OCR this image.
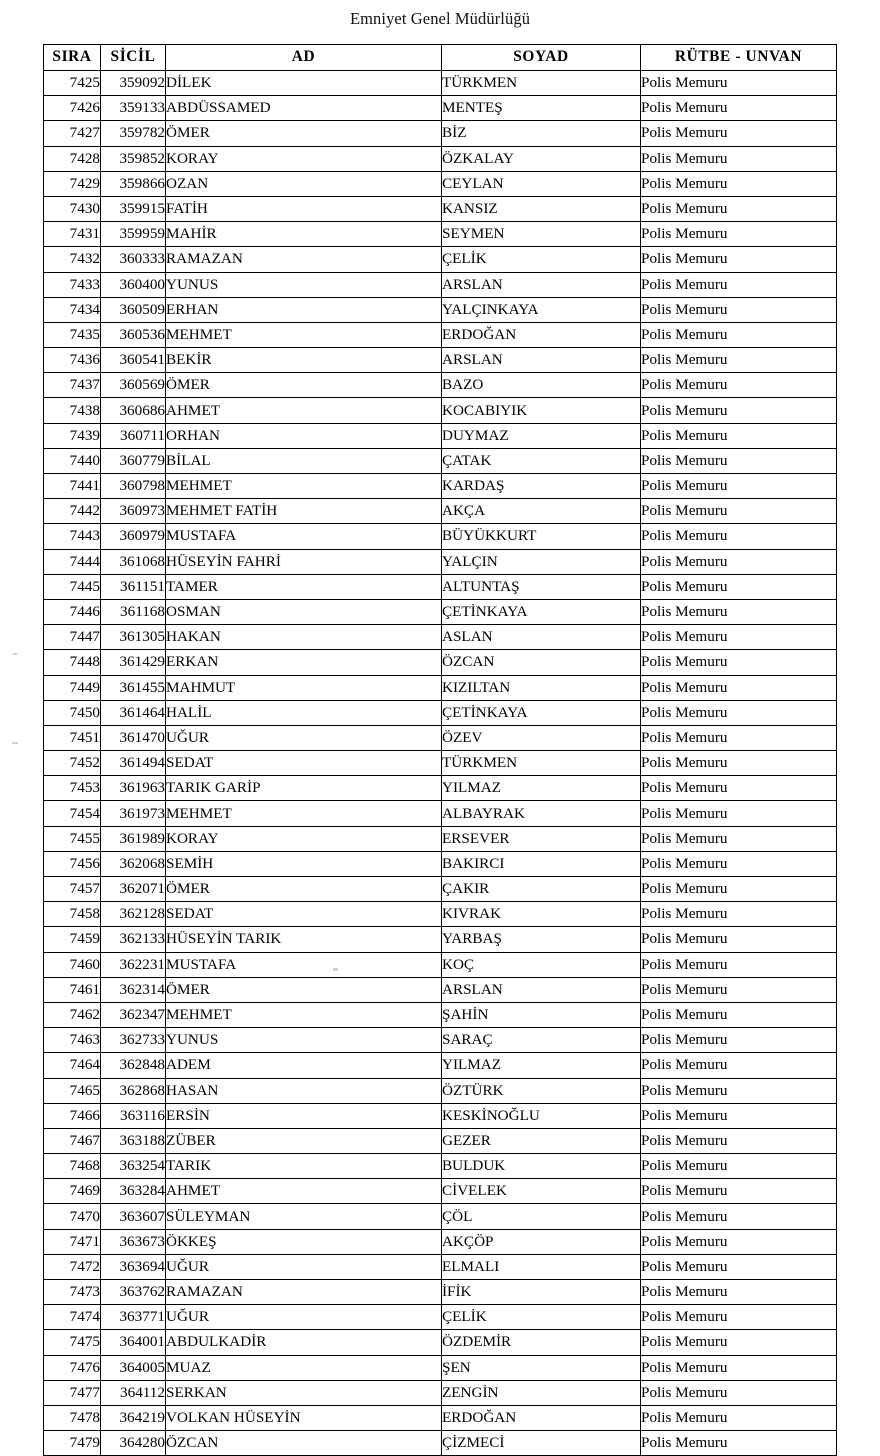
Emniyet Genel Müdürlüğü
SIRA	SİCİL	AD	SOYAD	RÜTBE - UNVAN
7425	359092	DİLEK	TÜRKMEN	Polis Memuru
7426	359133	ABDÜSSAMED	MENTEŞ	Polis Memuru
7427	359782	ÖMER	BİZ	Polis Memuru
7428	359852	KORAY	ÖZKALAY	Polis Memuru
7429	359866	OZAN	CEYLAN	Polis Memuru
7430	359915	FATİH	KANSIZ	Polis Memuru
7431	359959	MAHİR	SEYMEN	Polis Memuru
7432	360333	RAMAZAN	ÇELİK	Polis Memuru
7433	360400	YUNUS	ARSLAN	Polis Memuru
7434	360509	ERHAN	YALÇINKAYA	Polis Memuru
7435	360536	MEHMET	ERDOĞAN	Polis Memuru
7436	360541	BEKİR	ARSLAN	Polis Memuru
7437	360569	ÖMER	BAZO	Polis Memuru
7438	360686	AHMET	KOCABIYIK	Polis Memuru
7439	360711	ORHAN	DUYMAZ	Polis Memuru
7440	360779	BİLAL	ÇATAK	Polis Memuru
7441	360798	MEHMET	KARDAŞ	Polis Memuru
7442	360973	MEHMET FATİH	AKÇA	Polis Memuru
7443	360979	MUSTAFA	BÜYÜKKURT	Polis Memuru
7444	361068	HÜSEYİN FAHRİ	YALÇIN	Polis Memuru
7445	361151	TAMER	ALTUNTAŞ	Polis Memuru
7446	361168	OSMAN	ÇETİNKAYA	Polis Memuru
7447	361305	HAKAN	ASLAN	Polis Memuru
7448	361429	ERKAN	ÖZCAN	Polis Memuru
7449	361455	MAHMUT	KIZILTAN	Polis Memuru
7450	361464	HALİL	ÇETİNKAYA	Polis Memuru
7451	361470	UĞUR	ÖZEV	Polis Memuru
7452	361494	SEDAT	TÜRKMEN	Polis Memuru
7453	361963	TARIK GARİP	YILMAZ	Polis Memuru
7454	361973	MEHMET	ALBAYRAK	Polis Memuru
7455	361989	KORAY	ERSEVER	Polis Memuru
7456	362068	SEMİH	BAKIRCI	Polis Memuru
7457	362071	ÖMER	ÇAKIR	Polis Memuru
7458	362128	SEDAT	KIVRAK	Polis Memuru
7459	362133	HÜSEYİN TARIK	YARBAŞ	Polis Memuru
7460	362231	MUSTAFA	KOÇ	Polis Memuru
7461	362314	ÖMER	ARSLAN	Polis Memuru
7462	362347	MEHMET	ŞAHİN	Polis Memuru
7463	362733	YUNUS	SARAÇ	Polis Memuru
7464	362848	ADEM	YILMAZ	Polis Memuru
7465	362868	HASAN	ÖZTÜRK	Polis Memuru
7466	363116	ERSİN	KESKİNOĞLU	Polis Memuru
7467	363188	ZÜBER	GEZER	Polis Memuru
7468	363254	TARIK	BULDUK	Polis Memuru
7469	363284	AHMET	CİVELEK	Polis Memuru
7470	363607	SÜLEYMAN	ÇÖL	Polis Memuru
7471	363673	ÖKKEŞ	AKÇÖP	Polis Memuru
7472	363694	UĞUR	ELMALI	Polis Memuru
7473	363762	RAMAZAN	İFİK	Polis Memuru
7474	363771	UĞUR	ÇELİK	Polis Memuru
7475	364001	ABDULKADİR	ÖZDEMİR	Polis Memuru
7476	364005	MUAZ	ŞEN	Polis Memuru
7477	364112	SERKAN	ZENGİN	Polis Memuru
7478	364219	VOLKAN HÜSEYİN	ERDOĞAN	Polis Memuru
7479	364280	ÖZCAN	ÇİZMECİ	Polis Memuru
